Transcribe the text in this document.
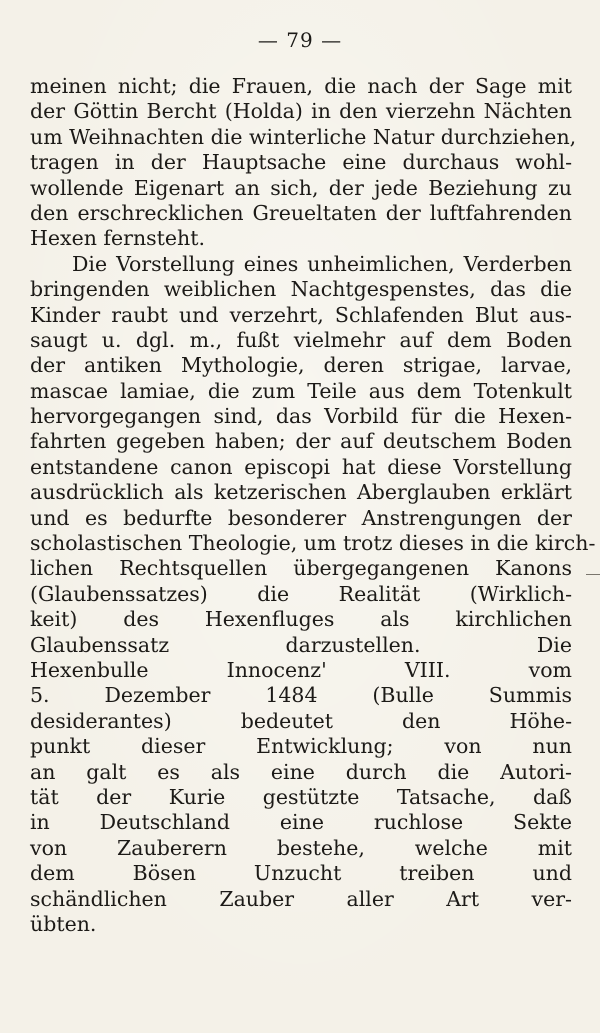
— 79 —
meinen nicht; die Frauen, die nach der Sage mit
der Göttin Bercht (Holda) in den vierzehn Nächten
um Weihnachten die winterliche Natur durchziehen,
tragen in der Hauptsache eine durchaus wohl-
wollende Eigenart an sich, der jede Beziehung zu
den erschrecklichen Greueltaten der luftfahrenden
Hexen fernsteht.
Die Vorstellung eines unheimlichen, Verderben
bringenden weiblichen Nachtgespenstes, das die
Kinder raubt und verzehrt, Schlafenden Blut aus-
saugt u. dgl. m., fußt vielmehr auf dem Boden
der antiken Mythologie, deren strigae, larvae,
mascae lamiae, die zum Teile aus dem Totenkult
hervorgegangen sind, das Vorbild für die Hexen-
fahrten gegeben haben; der auf deutschem Boden
entstandene canon episcopi hat diese Vorstellung
ausdrücklich als ketzerischen Aberglauben erklärt
und es bedurfte besonderer Anstrengungen der
scholastischen Theologie, um trotz dieses in die kirch-
lichen Rechtsquellen übergegangenen Kanons
(Glaubenssatzes) die Realität (Wirklich-
keit) des Hexenfluges als kirchlichen
Glaubenssatz darzustellen. Die
Hexenbulle Innocenz' VIII. vom
5. Dezember 1484 (Bulle Summis
desiderantes) bedeutet den Höhe-
punkt dieser Entwicklung; von nun
an galt es als eine durch die Autori-
tät der Kurie gestützte Tatsache, daß
in Deutschland eine ruchlose Sekte
von Zauberern bestehe, welche mit
dem Bösen Unzucht treiben und
schändlichen Zauber aller Art ver-
übten.
